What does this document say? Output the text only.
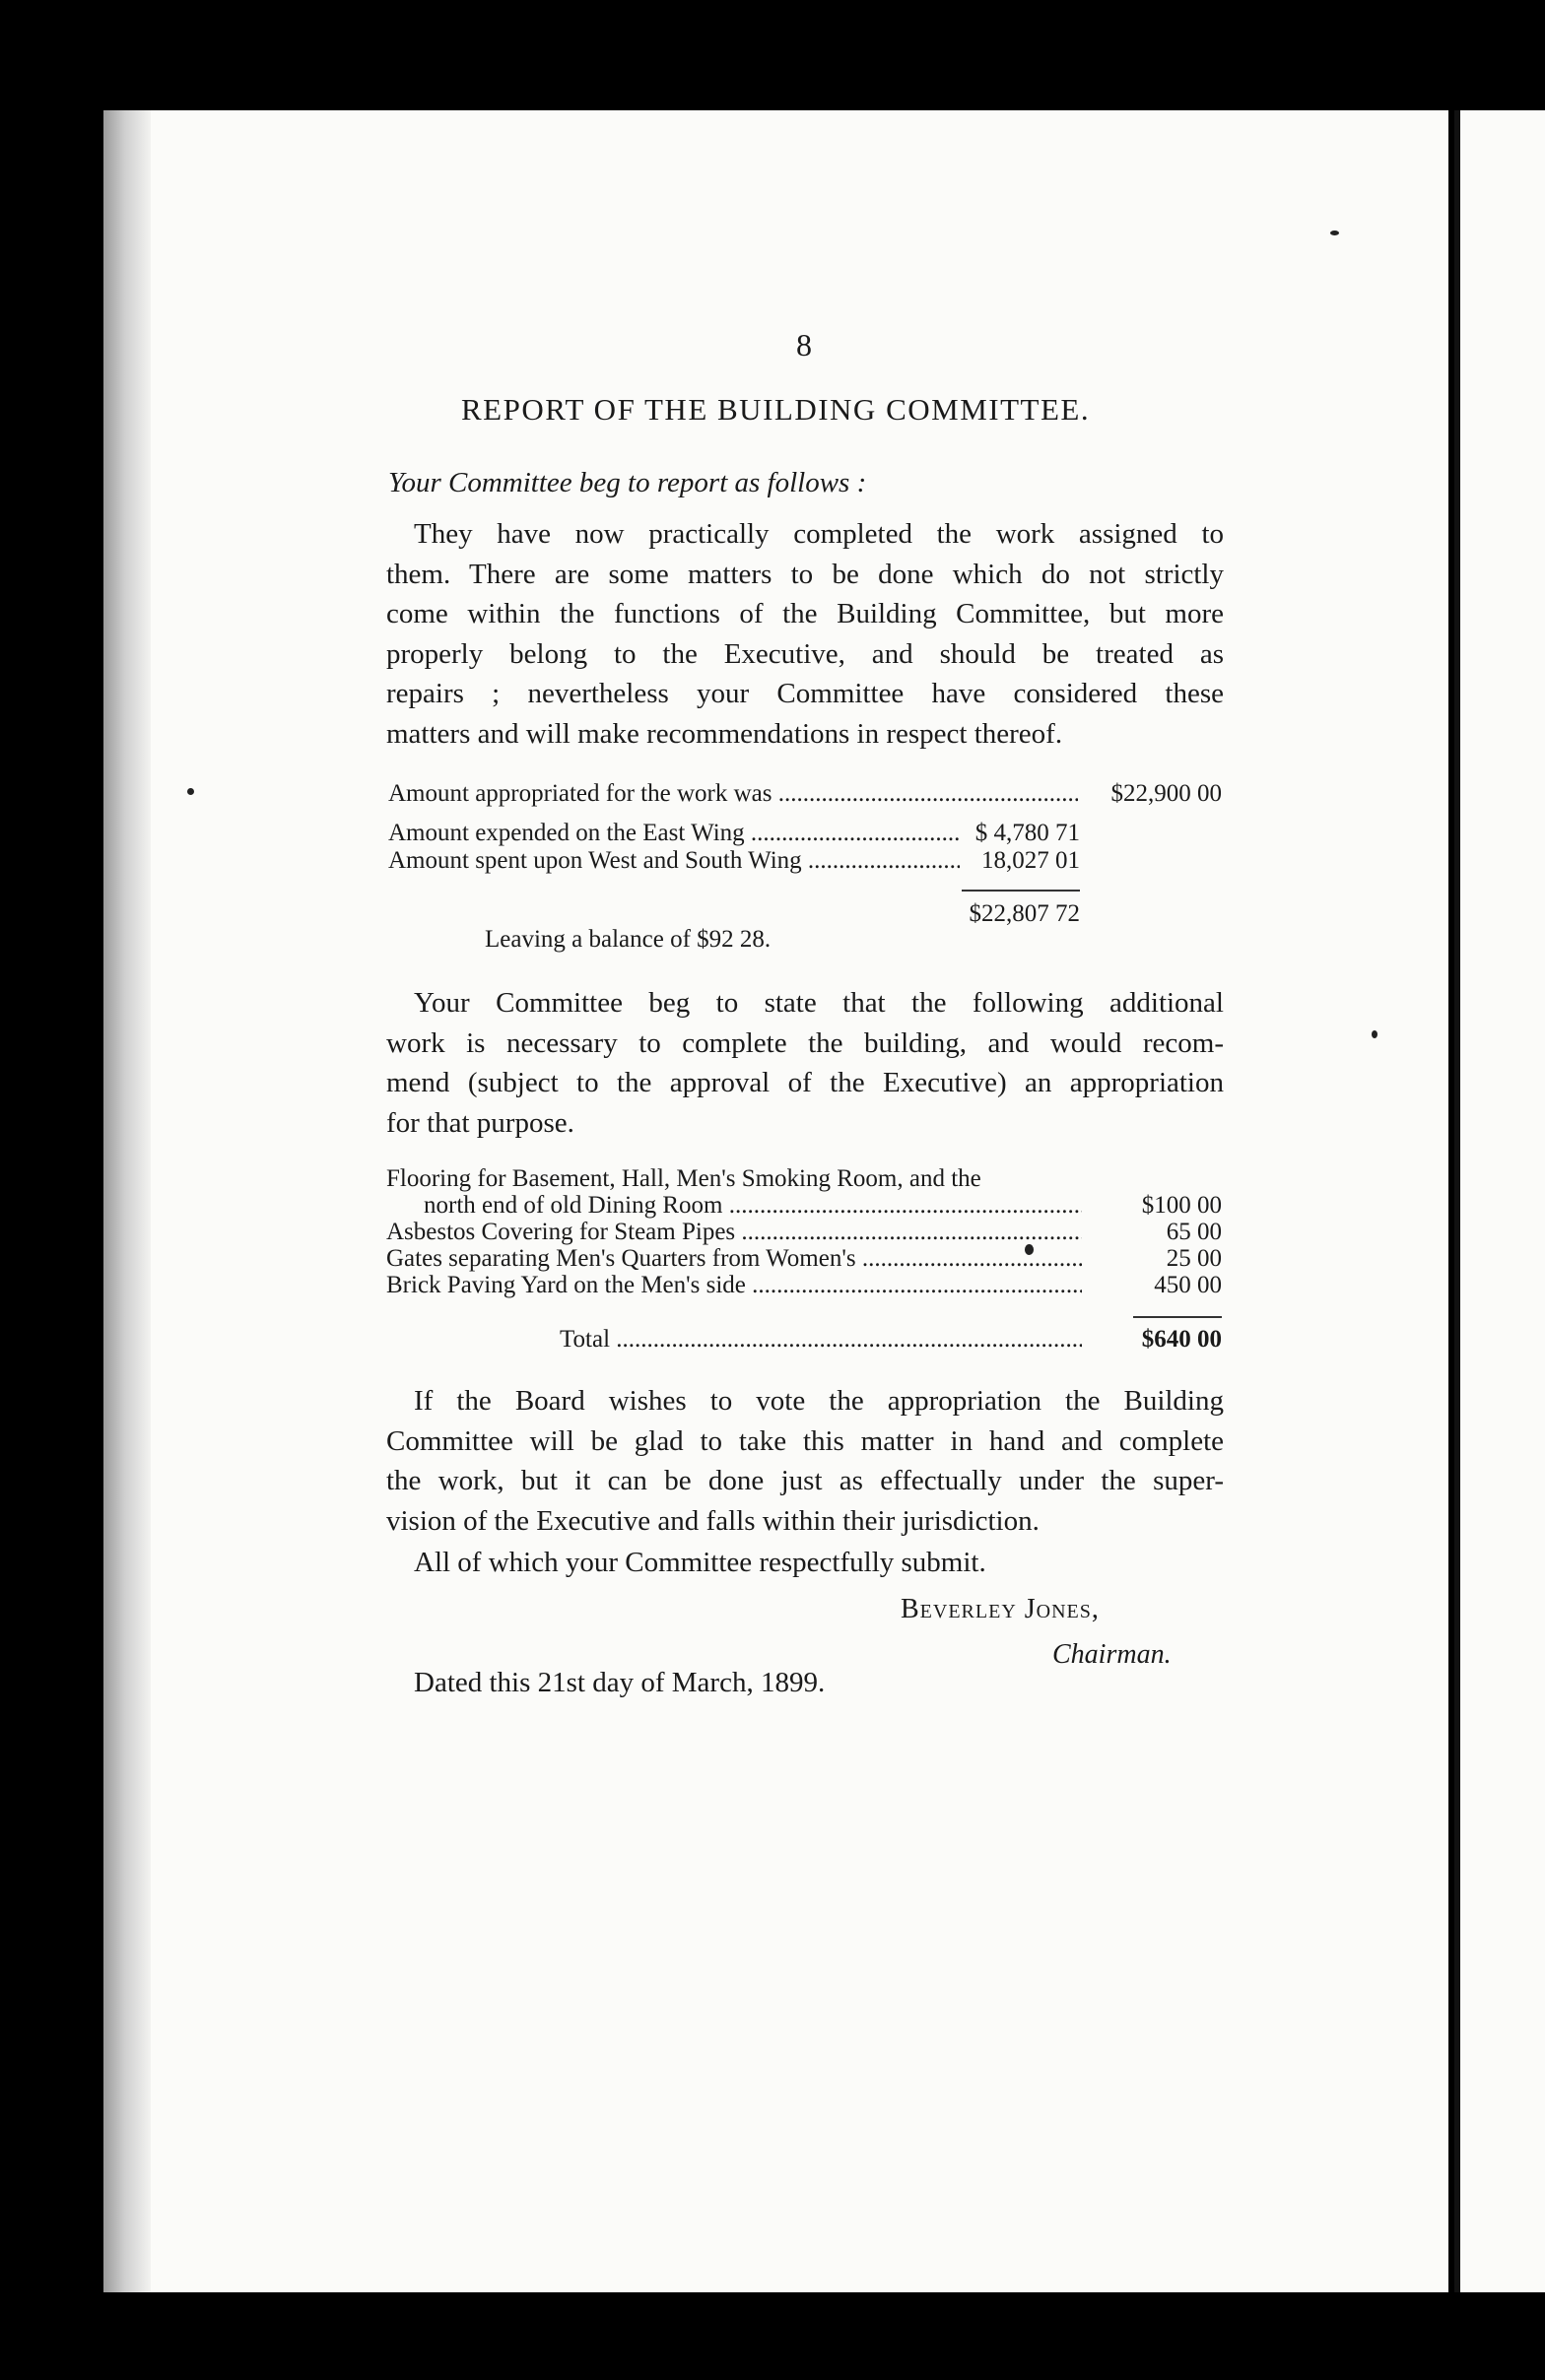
8
REPORT OF THE BUILDING COMMITTEE.
Your Committee beg to report as follows :
They have now practically completed the work assigned to
them. There are some matters to be done which do not strictly
come within the functions of the Building Committee, but more
properly belong to the Executive, and should be treated as
repairs ; nevertheless your Committee have considered these
matters and will make recommendations in respect thereof.
Amount appropriated for the work was .....	$22,900 00
Amount expended on the East Wing .....	$ 4,780 71
Amount spent upon West and South Wing .....	18,027 01
$22,807 72
Leaving a balance of $92 28.
Your Committee beg to state that the following additional
work is necessary to complete the building, and would recom-
mend (subject to the approval of the Executive) an appropriation
for that purpose.
Flooring for Basement, Hall, Men's Smoking Room, and the
north end of old Dining Room .....	$100 00
Asbestos Covering for Steam Pipes .....	65 00
Gates separating Men's Quarters from Women's .....	25 00
Brick Paving Yard on the Men's side .....	450 00
Total .....	$640 00
If the Board wishes to vote the appropriation the Building
Committee will be glad to take this matter in hand and complete
the work, but it can be done just as effectually under the super-
vision of the Executive and falls within their jurisdiction.
All of which your Committee respectfully submit.
Beverley Jones,
Chairman.
Dated this 21st day of March, 1899.
